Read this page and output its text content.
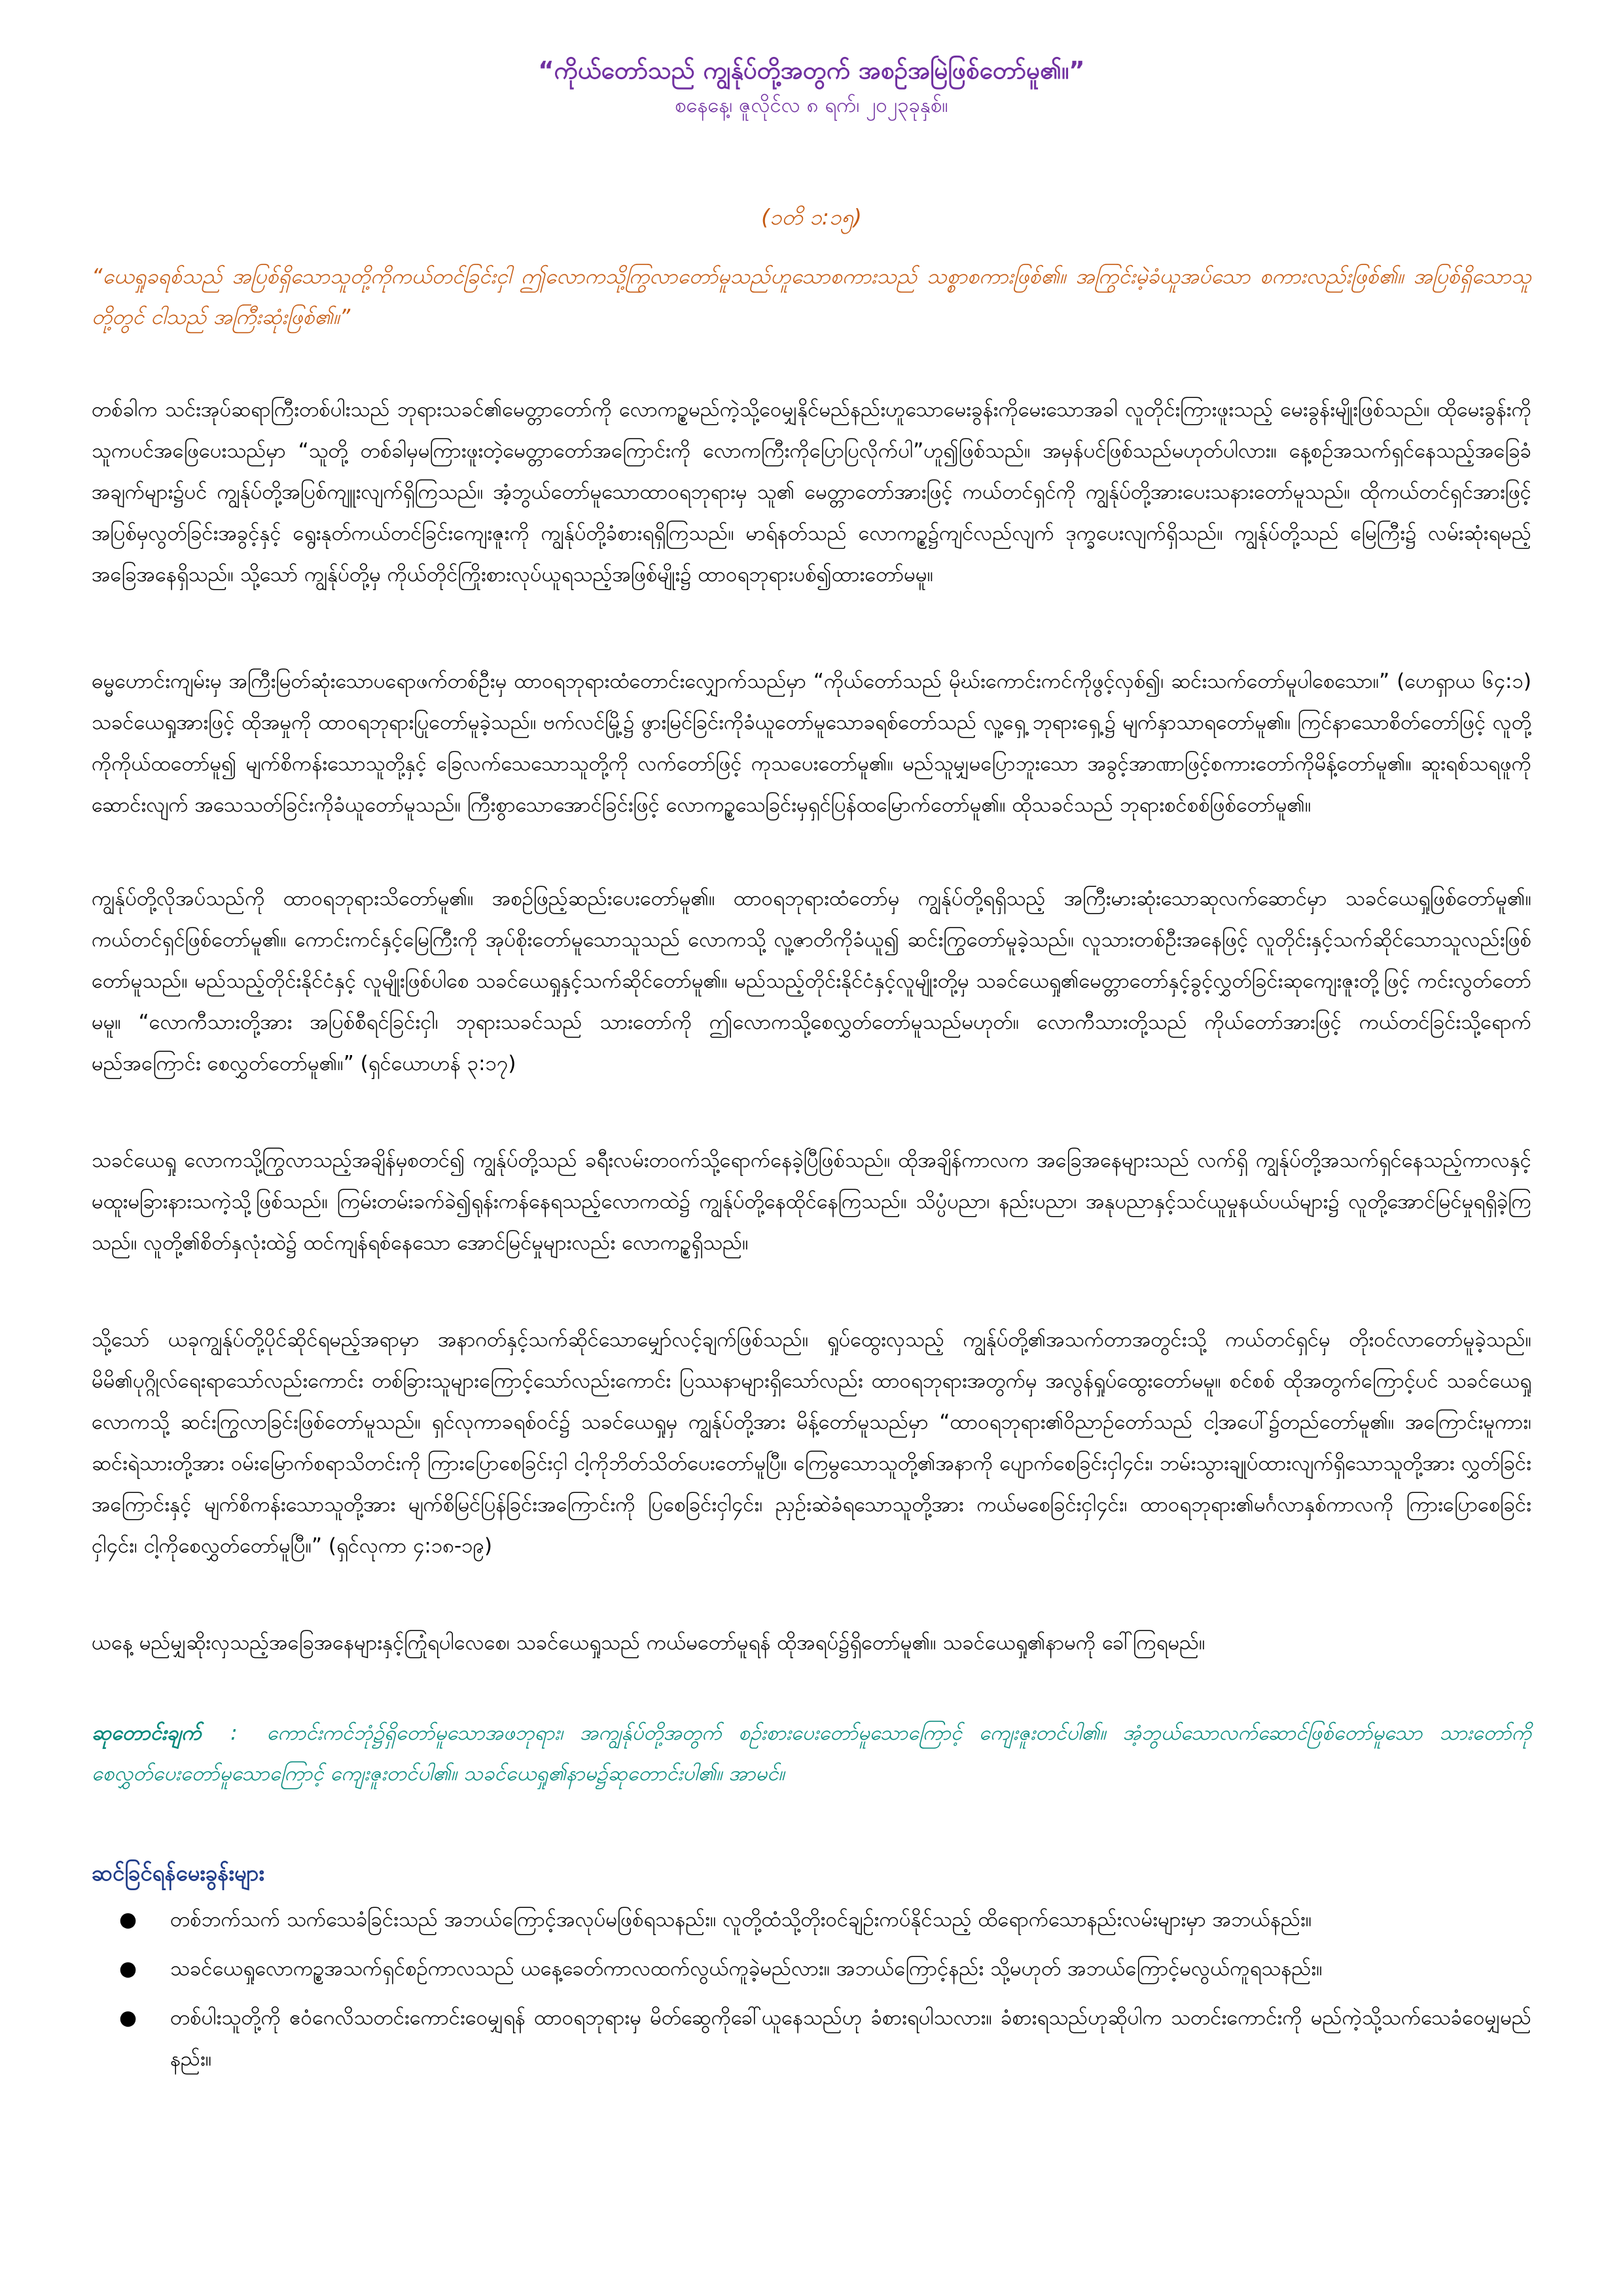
“ကိုယ်တော်သည် ကျွန်ုပ်တို့အတွက် အစဉ်အမြဲဖြစ်တော်မူ၏။”

စနေနေ့၊ ဇူလိုင်လ ၈ ရက်၊ ၂၀၂၃ခုနှစ်။

(၁တိ ၁:၁၅)

“ယေရှုခရစ်သည် အပြစ်ရှိသောသူတို့ကိုကယ်တင်ခြင်းငှါ ဤလောကသို့ကြွလာတော်မူသည်ဟူသောစကားသည် သစ္စာစကားဖြစ်၏။ အကြွင်းမဲ့ခံယူအပ်သော စကားလည်းဖြစ်၏။ အပြစ်ရှိသောသူတို့တွင် ငါသည် အကြီးဆုံးဖြစ်၏။”

တစ်ခါက သင်းအုပ်ဆရာကြီးတစ်ပါးသည် ဘုရားသခင်၏မေတ္တာတော်ကို လောကဥ္စမည်ကဲ့သို့ဝေမျှနိုင်မည်နည်းဟူသောမေးခွန်းကိုမေးသောအခါ လူတိုင်းကြားဖူးသည့် မေးခွန်းမျိုးဖြစ်သည်။ ထိုမေးခွန်းကို သူကပင်အဖြေပေးသည်မှာ “သူတို့ တစ်ခါမှမကြားဖူးတဲ့မေတ္တာတော်အကြောင်းကို လောကကြီးကိုပြောပြလိုက်ပါ”ဟူ၍ဖြစ်သည်။ အမှန်ပင်ဖြစ်သည်မဟုတ်ပါလား။ နေ့စဉ်အသက်ရှင်နေသည့်အခြေခံအချက်များ၌ပင် ကျွန်ုပ်တို့အပြစ်ကျူးလျက်ရှိကြသည်။ အံ့ဘွယ်တော်မူသောထာဝရဘုရားမှ သူ၏ မေတ္တာတော်အားဖြင့် ကယ်တင်ရှင်ကို ကျွန်ုပ်တို့အားပေးသနားတော်မူသည်။ ထိုကယ်တင်ရှင်အားဖြင့် အပြစ်မှလွတ်ခြင်းအခွင့်နှင့် ရွေးနုတ်ကယ်တင်ခြင်းကျေးဇူးကို ကျွန်ုပ်တို့ခံစားရရှိကြသည်။ မာရ်နတ်သည် လောကဥ္စ၌ကျင်လည်လျက် ဒုက္ခပေးလျက်ရှိသည်။ ကျွန်ုပ်တို့သည် မြေကြီး၌ လမ်းဆုံးရမည့် အခြေအနေရှိသည်။ သို့သော် ကျွန်ုပ်တို့မှ ကိုယ်တိုင်ကြိုးစားလုပ်ယူရသည့်အဖြစ်မျိုး၌ ထာဝရဘုရားပစ်၍ထားတော်မမူ။

ဓမ္မဟောင်းကျမ်းမှ အကြီးမြတ်ဆုံးသောပရောဖက်တစ်ဦးမှ ထာဝရဘုရားထံတောင်းလျှောက်သည်မှာ “ကိုယ်တော်သည် မိုဃ်းကောင်းကင်ကိုဖွင့်လှစ်၍၊ ဆင်းသက်တော်မူပါစေသော။” (ဟေရှာယ ၆၄:၁) သခင်ယေရှုအားဖြင့် ထိုအမှုကို ထာဝရဘုရားပြုတော်မူခဲ့သည်။ ဗက်လင်မြို့၌ ဖွားမြင်ခြင်းကိုခံယူတော်မူသောခရစ်တော်သည် လူ့ရှေ့ ဘုရားရှေ့၌ မျက်နှာသာရတော်မူ၏။ ကြင်နာသောစိတ်တော်ဖြင့် လူတို့ကိုကိုယ်ထတော်မူ၍ မျက်စိကန်းသောသူတို့နှင့် ခြေလက်သေသောသူတို့ကို လက်တော်ဖြင့် ကုသပေးတော်မူ၏။ မည်သူမျှမပြောဘူးသော အခွင့်အာဏာဖြင့်စကားတော်ကိုမိန့်တော်မူ၏။ ဆူးရစ်သရဖူကိုဆောင်းလျက် အသေသတ်ခြင်းကိုခံယူတော်မူသည်။ ကြီးစွာသောအောင်ခြင်းဖြင့် လောကဥ္စသေခြင်းမှရှင်ပြန်ထမြောက်တော်မူ၏။ ထိုသခင်သည် ဘုရားစင်စစ်ဖြစ်တော်မူ၏။

ကျွန်ုပ်တို့လိုအပ်သည်ကို ထာဝရဘုရားသိတော်မူ၏။ အစဉ်ဖြည့်ဆည်းပေးတော်မူ၏။ ထာဝရဘုရားထံတော်မှ ကျွန်ုပ်တို့ရရှိသည့် အကြီးမားဆုံးသောဆုလက်ဆောင်မှာ သခင်ယေရှုဖြစ်တော်မူ၏။ ကယ်တင်ရှင်ဖြစ်တော်မူ၏။ ကောင်းကင်နှင့်မြေကြီးကို အုပ်စိုးတော်မူသောသူသည် လောကသို့ လူ့ဇာတိကိုခံယူ၍ ဆင်းကြွတော်မူခဲ့သည်။ လူသားတစ်ဦးအနေဖြင့် လူတိုင်းနှင့်သက်ဆိုင်သောသူလည်းဖြစ်တော်မူသည်။ မည်သည့်တိုင်းနိုင်ငံနှင့် လူမျိုးဖြစ်ပါစေ သခင်ယေရှုနှင့်သက်ဆိုင်တော်မူ၏။ မည်သည့်တိုင်းနိုင်ငံနှင့်လူမျိုးတို့မှ သခင်ယေရှု၏မေတ္တာတော်နှင့်ခွင့်လွှတ်ခြင်းဆုကျေးဇူးတို့ဖြင့် ကင်းလွတ်တော်မမူ။ “လောကီသားတို့အား အပြစ်စီရင်ခြင်းငှါ၊ ဘုရားသခင်သည် သားတော်ကို ဤလောကသို့စေလွှတ်တော်မူသည်မဟုတ်။ လောကီသားတို့သည် ကိုယ်တော်အားဖြင့် ကယ်တင်ခြင်းသို့ရောက်မည်အကြောင်း စေလွှတ်တော်မူ၏။” (ရှင်ယောဟန် ၃:၁၇)

သခင်ယေရှု လောကသို့ကြွလာသည့်အချိန်မှစတင်၍ ကျွန်ုပ်တို့သည် ခရီးလမ်းတဝက်သို့ရောက်နေခဲ့ပြီဖြစ်သည်။ ထိုအချိန်ကာလက အခြေအနေများသည် လက်ရှိ ကျွန်ုပ်တို့အသက်ရှင်နေသည့်ကာလနှင့်မထူးမခြားနားသကဲ့သို့ဖြစ်သည်။ ကြမ်းတမ်းခက်ခဲ၍ရုန်းကန်နေရသည့်လောကထဲ၌ ကျွန်ုပ်တို့နေထိုင်နေကြသည်။ သိပ္ပံပညာ၊ နည်းပညာ၊ အနုပညာနှင့်သင်ယူမှုနယ်ပယ်များ၌ လူတို့အောင်မြင်မှုရရှိခဲ့ကြသည်။ လူတို့၏စိတ်နှလုံးထဲ၌ ထင်ကျန်ရစ်နေသော အောင်မြင်မှုများလည်း လောကဥ္စရှိသည်။

သို့သော် ယခုကျွန်ုပ်တို့ပိုင်ဆိုင်ရမည့်အရာမှာ အနာဂတ်နှင့်သက်ဆိုင်သောမျှော်လင့်ချက်ဖြစ်သည်။ ရှုပ်ထွေးလှသည့် ကျွန်ုပ်တို့၏အသက်တာအတွင်းသို့ ကယ်တင်ရှင်မှ တိုးဝင်လာတော်မူခဲ့သည်။ မိမိ၏ပုဂ္ဂိုလ်ရေးရာသော်လည်းကောင်း တစ်ခြားသူများကြောင့်သော်လည်းကောင်း ပြဿနာများရှိသော်လည်း ထာဝရဘုရားအတွက်မှ အလွန်ရှုပ်ထွေးတော်မမူ။ စင်စစ် ထိုအတွက်ကြောင့်ပင် သခင်ယေရှုလောကသို့ ဆင်းကြွလာခြင်းဖြစ်တော်မူသည်။ ရှင်လုကာခရစ်ဝင်၌ သခင်ယေရှုမှ ကျွန်ုပ်တို့အား မိန့်တော်မူသည်မှာ “ထာဝရဘုရား၏ဝိညာဉ်တော်သည် ငါ့အပေါ်၌တည်တော်မူ၏။ အကြောင်းမူကား၊ ဆင်းရဲသားတို့အား ဝမ်းမြောက်စရာသိတင်းကို ကြားပြောစေခြင်းငှါ ငါ့ကိုဘိတ်သိတ်ပေးတော်မူပြီ။ ကြေမွသောသူတို့၏အနာကို ပျောက်စေခြင်းငှါ၄င်း၊ ဘမ်းသွားချုပ်ထားလျက်ရှိသောသူတို့အား လွှတ်ခြင်းအကြောင်းနှင့် မျက်စိကန်းသောသူတို့အား မျက်စိမြင်ပြန်ခြင်းအကြောင်းကို ပြစေခြင်းငှါ၄င်း၊ ညှဉ်းဆဲခံရသောသူတို့အား ကယ်မစေခြင်းငှါ၄င်း၊ ထာဝရဘုရား၏မင်္ဂလာနှစ်ကာလကို ကြားပြောစေခြင်းငှါ၄င်း၊ ငါ့ကိုစေလွှတ်တော်မူပြီ။” (ရှင်လုကာ ၄:၁၈-၁၉)

ယနေ့ မည်မျှဆိုးလှသည့်အခြေအနေများနှင့်ကြုံရပါလေစေ၊ သခင်ယေရှုသည် ကယ်မတော်မူရန် ထိုအရပ်၌ရှိတော်မူ၏။ သခင်ယေရှု၏နာမကို ခေါ်ကြရမည်။

ဆုတောင်းချက် : ကောင်းကင်ဘုံ၌ရှိတော်မူသောအဖဘုရား၊ အကျွန်ုပ်တို့အတွက် စဉ်းစားပေးတော်မူသောကြောင့် ကျေးဇူးတင်ပါ၏။ အံ့ဘွယ်သောလက်ဆောင်ဖြစ်တော်မူသော သားတော်ကို စေလွှတ်ပေးတော်မူသောကြောင့် ကျေးဇူးတင်ပါ၏။ သခင်ယေရှု၏နာမ၌ဆုတောင်းပါ၏။ အာမင်။

ဆင်ခြင်ရန်မေးခွန်းများ
● တစ်ဘက်သက် သက်သေခံခြင်းသည် အဘယ်ကြောင့်အလုပ်မဖြစ်ရသနည်း။ လူတို့ထံသို့တိုးဝင်ချဉ်းကပ်နိုင်သည့် ထိရောက်သောနည်းလမ်းများမှာ အဘယ်နည်း။
● သခင်ယေရှုလောကဥ္စအသက်ရှင်စဉ်ကာလသည် ယနေ့ခေတ်ကာလထက်လွယ်ကူခဲ့မည်လား။ အဘယ်ကြောင့်နည်း သို့မဟုတ် အဘယ်ကြောင့်မလွယ်ကူရသနည်း။
● တစ်ပါးသူတို့ကို ဧဝံဂေလိသတင်းကောင်းဝေမျှရန် ထာဝရဘုရားမှ မိတ်ဆွေကိုခေါ်ယူနေသည်ဟု ခံစားရပါသလား။ ခံစားရသည်ဟုဆိုပါက သတင်းကောင်းကို မည်ကဲ့သို့သက်သေခံဝေမျှမည်နည်း။
